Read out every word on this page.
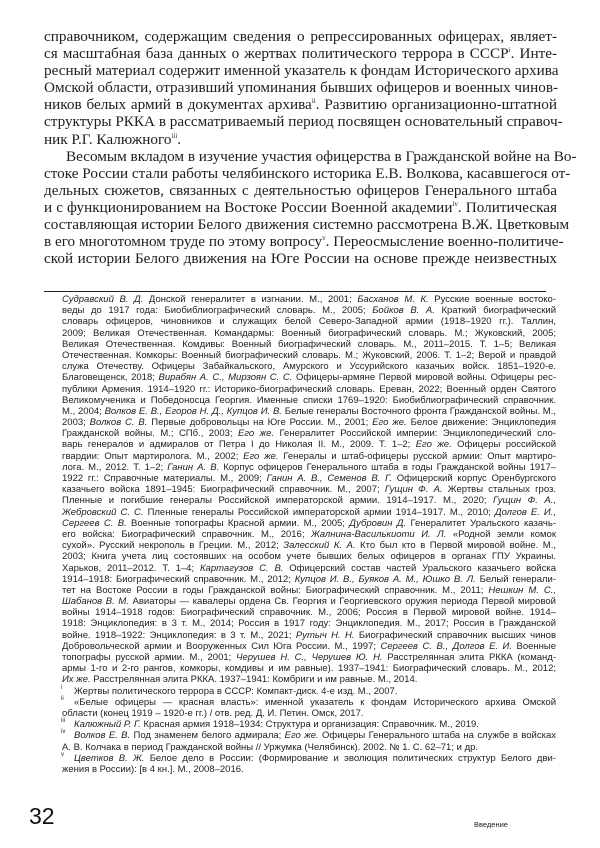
справочником, содержащим сведения о репрессированных офицерах, являет-
ся масштабная база данных о жертвах политического террора в СССР$^i$. Инте-
ресный материал содержит именной указатель к фондам Исторического архива
Омской области, отразивший упоминания бывших офицеров и военных чинов-
ников белых армий в документах архива$^{ii}$. Развитию организационно-штатной
структуры РККА в рассматриваемый период посвящен основательный справоч-
ник Р.Г. Калюжного$^{iii}$.
Весомым вкладом в изучение участия офицерства в Гражданской войне на Во-
стоке России стали работы челябинского историка Е.В. Волкова, касавшегося от-
дельных сюжетов, связанных с деятельностью офицеров Генерального штаба
и с функционированием на Востоке России Военной академии$^{iv}$. Политическая
составляющая истории Белого движения системно рассмотрена В.Ж. Цветковым
в его многотомном труде по этому вопросу$^v$. Переосмысление военно-политиче-
ской истории Белого движения на Юге России на основе прежде неизвестных
Судравский В. Д. Донской генералитет в изгнании. М., 2001; Басханов М. К. Русские военные востоко-
веды до 1917 года: Биобиблиографический словарь. М., 2005; Бойков В. А. Краткий биографический
словарь офицеров, чиновников и служащих белой Северо-Западной армии (1918–1920 гг.). Таллин,
2009; Великая Отечественная. Командармы: Военный биографический словарь. М.; Жуковский, 2005;
Великая Отечественная. Комдивы: Военный биографический словарь. М., 2011–2015. Т. 1–5; Великая
Отечественная. Комкоры: Военный биографический словарь. М.; Жуковский, 2006. Т. 1–2; Верой и правдой
служа Отечеству. Офицеры Забайкальского, Амурского и Уссурийского казачьих войск. 1851–1920-е.
Благовещенск, 2018; Вирабян А. С., Мирзоян С. С. Офицеры-армяне Первой мировой войны. Офицеры рес-
публики Армения. 1914–1920 гг.: Историко-биографический словарь. Ереван, 2022; Военный орден Святого
Великомученика и Победоносца Георгия. Именные списки 1769–1920: Биобиблиографический справочник.
М., 2004; Волков Е. В., Егоров Н. Д., Купцов И. В. Белые генералы Восточного фронта Гражданской войны. М.,
2003; Волков С. В. Первые добровольцы на Юге России. М., 2001; Его же. Белое движение: Энциклопедия
Гражданской войны. М.; СПб., 2003; Его же. Генералитет Российской империи: Энциклопедический сло-
варь генералов и адмиралов от Петра I до Николая II. М., 2009. Т. 1–2; Его же. Офицеры российской
гвардии: Опыт мартиролога. М., 2002; Его же. Генералы и штаб-офицеры русской армии: Опыт мартиро-
лога. М., 2012. Т. 1–2; Ганин А. В. Корпус офицеров Генерального штаба в годы Гражданской войны 1917–
1922 гг.: Справочные материалы. М., 2009; Ганин А. В., Семенов В. Г. Офицерский корпус Оренбургского
казачьего войска 1891–1945: Биографический справочник. М., 2007; Гущин Ф. А. Жертвы стальных гроз.
Пленные и погибшие генералы Российской императорской армии. 1914–1917. М., 2020; Гущин Ф. А.,
Жебровский С. С. Пленные генералы Российской императорской армии 1914–1917. М., 2010; Долгов Е. И.,
Сергеев С. В. Военные топографы Красной армии. М., 2005; Дубровин Д. Генералитет Уральского казачь-
его войска: Биографический справочник. М., 2016; Жалнина-Василькиоти И. Л. «Родной земли комок
сухой». Русский некрополь в Греции. М., 2012; Залесский К. А. Кто был кто в Первой мировой войне. М.,
2003; Книга учета лиц состоявших на особом учете бывших белых офицеров в органах ГПУ Украины.
Харьков, 2011–2012. Т. 1–4; Картагузов С. В. Офицерский состав частей Уральского казачьего войска
1914–1918: Биографический справочник. М., 2012; Купцов И. В., Буяков А. М., Юшко В. Л. Белый генерали-
тет на Востоке России в годы Гражданской войны: Биографический справочник. М., 2011; Нешкин М. С.,
Шабанов В. М. Авиаторы — кавалеры ордена Св. Георгия и Георгиевского оружия периода Первой мировой
войны 1914–1918 годов: Биографический справочник. М., 2006; Россия в Первой мировой войне. 1914–
1918: Энциклопедия: в 3 т. М., 2014; Россия в 1917 году: Энциклопедия. М., 2017; Россия в Гражданской
войне. 1918–1922: Энциклопедия: в 3 т. М., 2021; Рутыч Н. Н. Биографический справочник высших чинов
Добровольческой армии и Вооруженных Сил Юга России. М., 1997; Сергеев С. В., Долгов Е. И. Военные
топографы русской армии. М., 2001; Черушев Н. С., Черушев Ю. Н. Расстрелянная элита РККА (команд-
армы 1-го и 2-го рангов, комкоры, комдивы и им равные). 1937–1941: Биографический словарь. М., 2012;
Их же. Расстрелянная элита РККА. 1937–1941: Комбриги и им равные. М., 2014.
i	Жертвы политического террора в СССР: Компакт-диск. 4-е изд. М., 2007.
ii	«Белые офицеры — красная власть»: именной указатель к фондам Исторического архива Омской
области (конец 1919 – 1920-е гг.) / отв. ред. Д. И. Петин. Омск, 2017.
iii Калюжный Р. Г. Красная армия 1918–1934: Структура и организация: Справочник. М., 2019.
iv Волков Е. В. Под знаменем белого адмирала; Его же. Офицеры Генерального штаба на службе в войсках
А. В. Колчака в период Гражданской войны // Уржумка (Челябинск). 2002. № 1. С. 62–71; и др.
v	Цветков В. Ж. Белое дело в России: (Формирование и эволюция политических структур Белого дви-
жения в России): [в 4 кн.]. М., 2008–2016.
32	Введение
